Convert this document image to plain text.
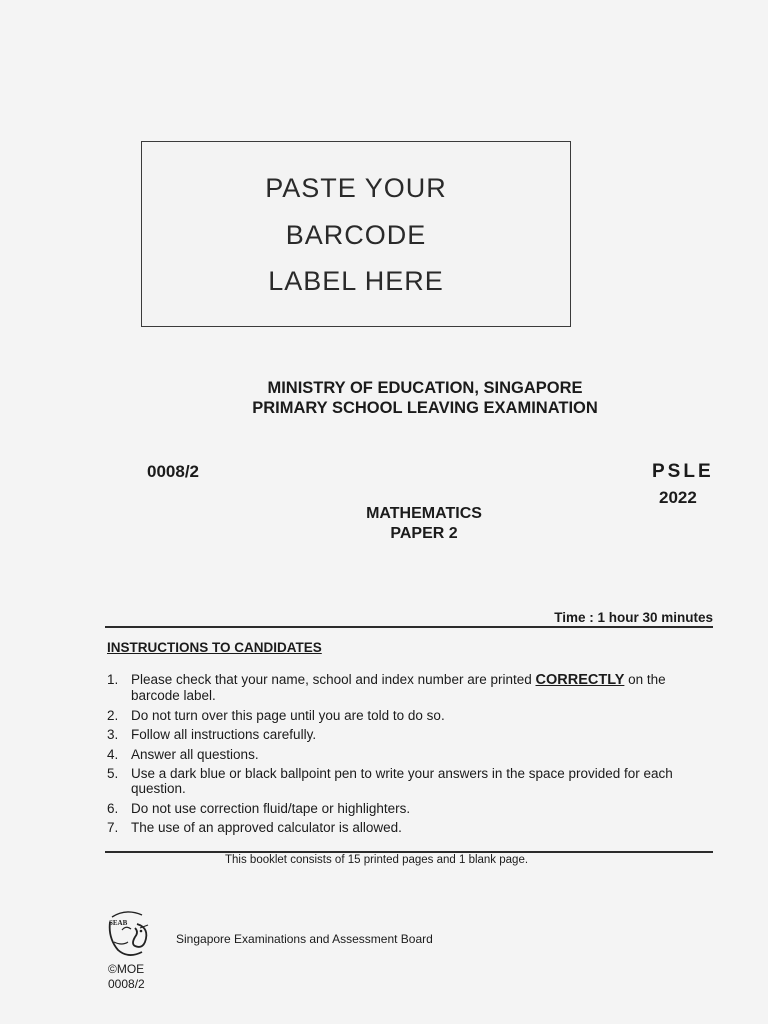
PASTE YOUR
BARCODE
LABEL HERE
MINISTRY OF EDUCATION, SINGAPORE
PRIMARY SCHOOL LEAVING EXAMINATION
0008/2	PSLE
2022
MATHEMATICS
PAPER 2
Time : 1 hour 30 minutes
INSTRUCTIONS TO CANDIDATES
1. Please check that your name, school and index number are printed CORRECTLY on the barcode label.
2. Do not turn over this page until you are told to do so.
3. Follow all instructions carefully.
4. Answer all questions.
5. Use a dark blue or black ballpoint pen to write your answers in the space provided for each question.
6. Do not use correction fluid/tape or highlighters.
7. The use of an approved calculator is allowed.
This booklet consists of 15 printed pages and 1 blank page.
SEAB
Singapore Examinations and Assessment Board
©MOE
0008/2
